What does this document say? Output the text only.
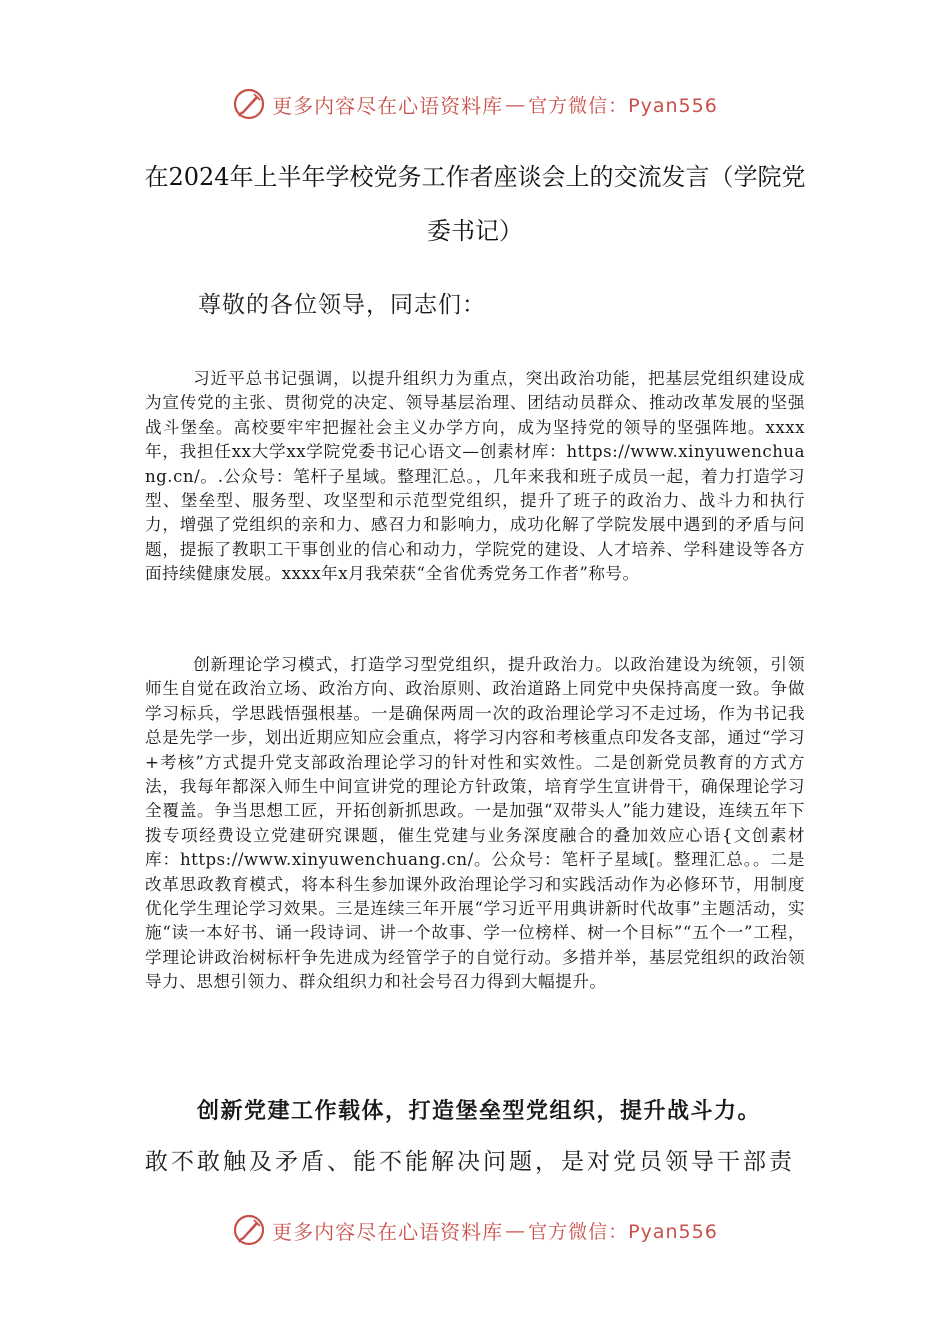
更多内容尽在心语资料库 — 官方微信：Pyan556
在2024年上半年学校党务工作者座谈会上的交流发言（学院党委书记）

尊敬的各位领导，同志们：

习近平总书记强调，以提升组织力为重点，突出政治功能，把基层党组织建设成为宣传党的主张、贯彻党的决定、领导基层治理、团结动员群众、推动改革发展的坚强战斗堡垒。高校要牢牢把握社会主义办学方向，成为坚持党的领导的坚强阵地。xxxx年，我担任xx大学xx学院党委书记心语文—创素材库：https://www.xinyuwenchuang.cn/。.公众号：笔杆子星域。整理汇总。，几年来我和班子成员一起，着力打造学习型、堡垒型、服务型、攻坚型和示范型党组织，提升了班子的政治力、战斗力和执行力，增强了党组织的亲和力、感召力和影响力，成功化解了学院发展中遇到的矛盾与问题，提振了教职工干事创业的信心和动力，学院党的建设、人才培养、学科建设等各方面持续健康发展。xxxx年x月我荣获“全省优秀党务工作者”称号。

创新理论学习模式，打造学习型党组织，提升政治力。以政治建设为统领，引领师生自觉在政治立场、政治方向、政治原则、政治道路上同党中央保持高度一致。争做学习标兵，学思践悟强根基。一是确保两周一次的政治理论学习不走过场，作为书记我总是先学一步，划出近期应知应会重点，将学习内容和考核重点印发各支部，通过“学习+考核”方式提升党支部政治理论学习的针对性和实效性。二是创新党员教育的方式方法，我每年都深入师生中间宣讲党的理论方针政策，培育学生宣讲骨干，确保理论学习全覆盖。争当思想工匠，开拓创新抓思政。一是加强“双带头人”能力建设，连续五年下拨专项经费设立党建研究课题，催生党建与业务深度融合的叠加效应心语{文创素材库：https://www.xinyuwenchuang.cn/。公众号：笔杆子星域[。整理汇总。。二是改革思政教育模式，将本科生参加课外政治理论学习和实践活动作为必修环节，用制度优化学生理论学习效果。三是连续三年开展“学习近平用典讲新时代故事”主题活动，实施“读一本好书、诵一段诗词、讲一个故事、学一位榜样、树一个目标”“五个一”工程，学理论讲政治树标杆争先进成为经管学子的自觉行动。多措并举，基层党组织的政治领导力、思想引领力、群众组织力和社会号召力得到大幅提升。

创新党建工作载体，打造堡垒型党组织，提升战斗力。

敢不敢触及矛盾、能不能解决问题，是对党员领导干部责

更多内容尽在心语资料库 — 官方微信：Pyan556
